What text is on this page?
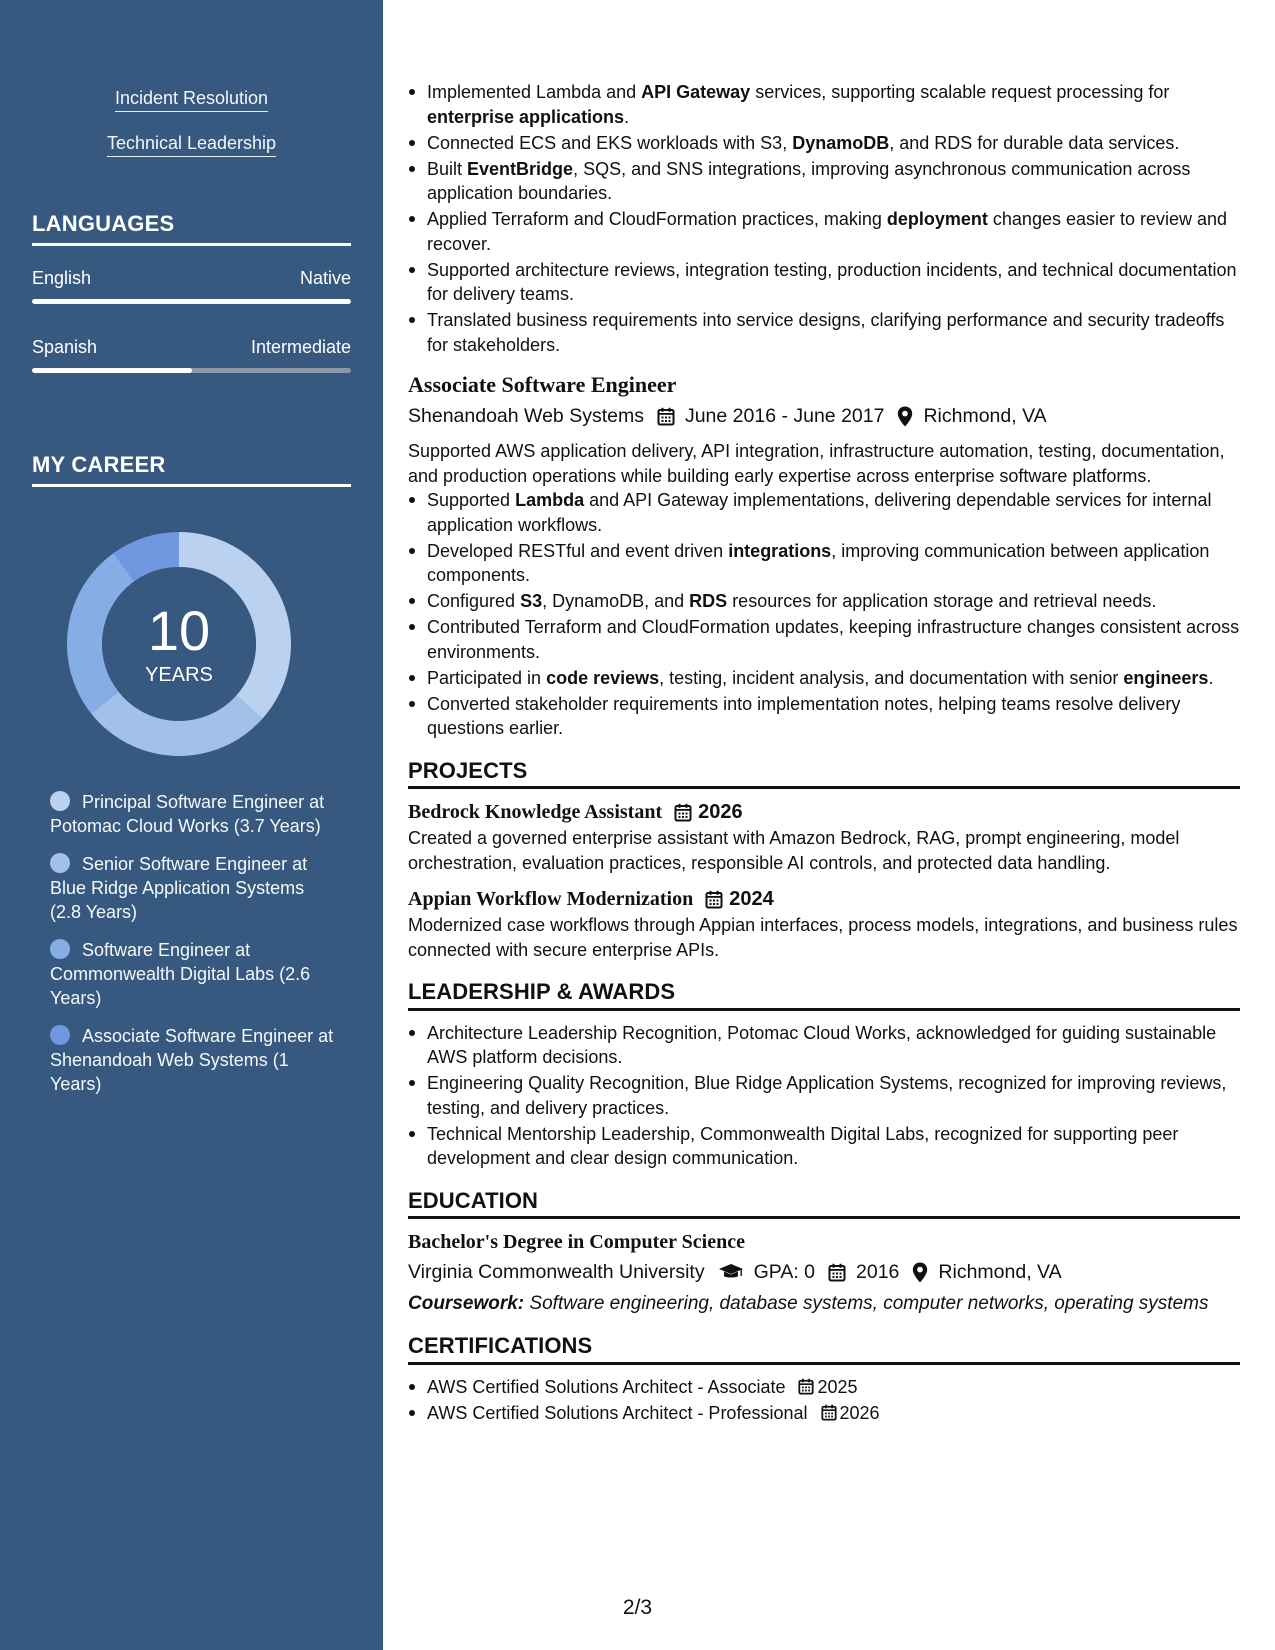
Incident Resolution
Technical Leadership
LANGUAGES
English	Native
Spanish	Intermediate
MY CAREER
10
YEARS
Principal Software Engineer at Potomac Cloud Works (3.7 Years)
Senior Software Engineer at Blue Ridge Application Systems (2.8 Years)
Software Engineer at Commonwealth Digital Labs (2.6 Years)
Associate Software Engineer at Shenandoah Web Systems (1 Years)
Implemented Lambda and API Gateway services, supporting scalable request processing for enterprise applications.
Connected ECS and EKS workloads with S3, DynamoDB, and RDS for durable data services.
Built EventBridge, SQS, and SNS integrations, improving asynchronous communication across application boundaries.
Applied Terraform and CloudFormation practices, making deployment changes easier to review and recover.
Supported architecture reviews, integration testing, production incidents, and technical documentation for delivery teams.
Translated business requirements into service designs, clarifying performance and security tradeoffs for stakeholders.
Associate Software Engineer
Shenandoah Web Systems June 2016 - June 2017 Richmond, VA

Supported AWS application delivery, API integration, infrastructure automation, testing, documentation, and production operations while building early expertise across enterprise software platforms.

Supported Lambda and API Gateway implementations, delivering dependable services for internal application workflows.
Developed RESTful and event driven integrations, improving communication between application components.
Configured S3, DynamoDB, and RDS resources for application storage and retrieval needs.
Contributed Terraform and CloudFormation updates, keeping infrastructure changes consistent across environments.
Participated in code reviews, testing, incident analysis, and documentation with senior engineers.
Converted stakeholder requirements into implementation notes, helping teams resolve delivery questions earlier.
PROJECTS
Bedrock Knowledge Assistant 2026

Created a governed enterprise assistant with Amazon Bedrock, RAG, prompt engineering, model orchestration, evaluation practices, responsible AI controls, and protected data handling.

Appian Workflow Modernization 2024

Modernized case workflows through Appian interfaces, process models, integrations, and business rules connected with secure enterprise APIs.

LEADERSHIP & AWARDS
Architecture Leadership Recognition, Potomac Cloud Works, acknowledged for guiding sustainable AWS platform decisions.
Engineering Quality Recognition, Blue Ridge Application Systems, recognized for improving reviews, testing, and delivery practices.
Technical Mentorship Leadership, Commonwealth Digital Labs, recognized for supporting peer development and clear design communication.
EDUCATION
Bachelor's Degree in Computer Science
Virginia Commonwealth University	GPA: 0 2016 Richmond, VA

Coursework: Software engineering, database systems, computer networks, operating systems

CERTIFICATIONS
AWS Certified Solutions Architect - Associate 2025
AWS Certified Solutions Architect - Professional 2026
2/3
